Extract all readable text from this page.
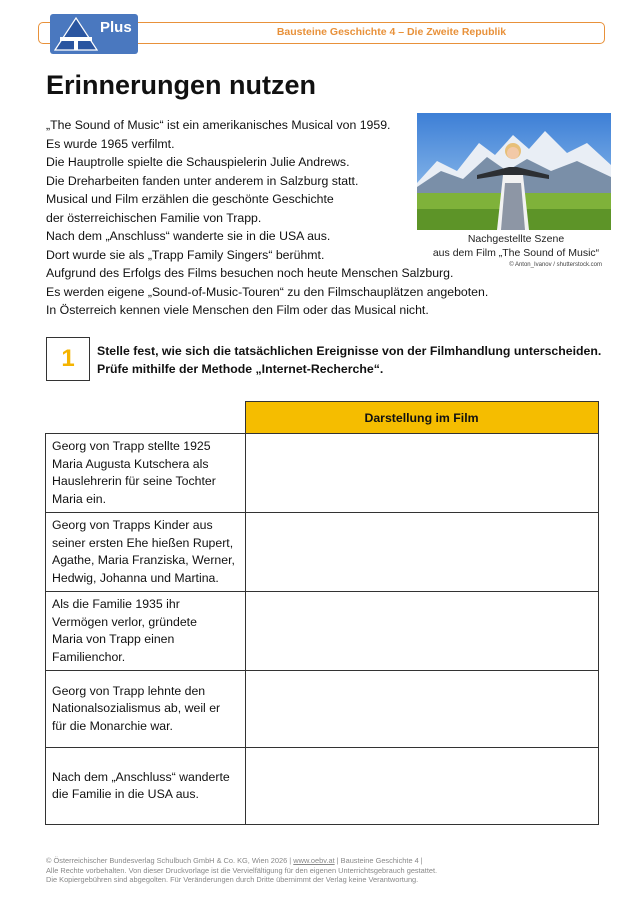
Bausteine Geschichte 4 – Die Zweite Republik
Plus
Erinnerungen nutzen
„The Sound of Music“ ist ein amerikanisches Musical von 1959.
Es wurde 1965 verfilmt.
Die Hauptrolle spielte die Schauspielerin Julie Andrews.
Die Dreharbeiten fanden unter anderem in Salzburg statt.
Musical und Film erzählen die geschönte Geschichte
der österreichischen Familie von Trapp.
Nach dem „Anschluss“ wanderte sie in die USA aus.
Dort wurde sie als „Trapp Family Singers“ berühmt.
Aufgrund des Erfolgs des Films besuchen noch heute Menschen Salzburg.
Es werden eigene „Sound-of-Music-Touren“ zu den Filmschauplätzen angeboten.
In Österreich kennen viele Menschen den Film oder das Musical nicht.
Nachgestellte Szene
aus dem Film „The Sound of Music“
© Anton_Ivanov / shutterstock.com
1	Stelle fest, wie sich die tatsächlichen Ereignisse von der Filmhandlung unterscheiden.
Prüfe mithilfe der Methode „Internet-Recherche“.
	Darstellung im Film

Georg von Trapp stellte 1925
Maria Augusta Kutschera als
Hauslehrerin für seine Tochter
Maria ein.	

Georg von Trapps Kinder aus
seiner ersten Ehe hießen Rupert,
Agathe, Maria Franziska, Werner,
Hedwig, Johanna und Martina.	

Als die Familie 1935 ihr
Vermögen verlor, gründete
Maria von Trapp einen
Familienchor.	

Georg von Trapp lehnte den
Nationalsozialismus ab, weil er
für die Monarchie war.	

Nach dem „Anschluss“ wanderte
die Familie in die USA aus.	

© Österreichischer Bundesverlag Schulbuch GmbH & Co. KG, Wien 2026 | www.oebv.at | Bausteine Geschichte 4 |
Alle Rechte vorbehalten. Von dieser Druckvorlage ist die Vervielfältigung für den eigenen Unterrichtsgebrauch gestattet.
Die Kopiergebühren sind abgegolten. Für Veränderungen durch Dritte übernimmt der Verlag keine Verantwortung.
